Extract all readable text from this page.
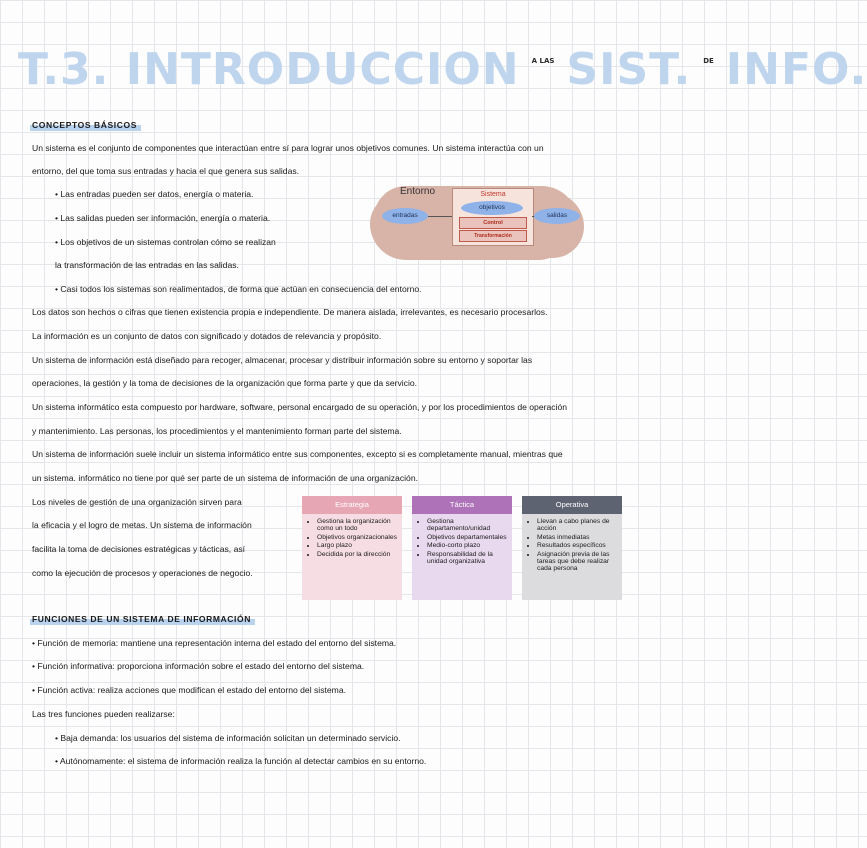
T.3. INTRODUCCION A LAS SIST. DE INFO.
CONCEPTOS BÁSICOS
Un sistema es el conjunto de componentes que interactúan entre sí para lograr unos objetivos comunes. Un sistema interactúa con un
entorno, del que toma sus entradas y hacia el que genera sus salidas.
• Las entradas pueden ser datos, energía o materia.
• Las salidas pueden ser información, energía o materia.
• Los objetivos de un sistemas controlan cómo se realizan
la transformación de las entradas en las salidas.
• Casi todos los sistemas son realimentados, de forma que actúan en consecuencia del entorno.
Entorno
entradas
Sistema
objetivos
Control
Transformación
salidas
Los datos son hechos o cifras que tienen existencia propia e independiente. De manera aislada, irrelevantes, es necesario procesarlos.
La información es un conjunto de datos con significado y dotados de relevancia y propósito.
Un sistema de información está diseñado para recoger, almacenar, procesar y distribuir información sobre su entorno y soportar las
operaciones, la gestión y la toma de decisiones de la organización que forma parte y que da servicio.
Un sistema informático esta compuesto por hardware, software, personal encargado de su operación, y por los procedimientos de operación
y mantenimiento. Las personas, los procedimientos y el mantenimiento forman parte del sistema.
Un sistema de información suele incluir un sistema informático entre sus componentes, excepto si es completamente manual, mientras que
un sistema. informático no tiene por qué ser parte de un sistema de información de una organización.
Los niveles de gestión de una organización sirven para
la eficacia y el logro de metas. Un sistema de información
facilita la toma de decisiones estratégicas y tácticas, así
como la ejecución de procesos y operaciones de negocio.
Estrategia
• Gestiona la organización como un todo
• Objetivos organizacionales
• Largo plazo
• Decidida por la dirección
Táctica
• Gestiona departamento/unidad
• Objetivos departamentales
• Medio-corto plazo
• Responsabilidad de la unidad organizativa
Operativa
• Llevan a cabo planes de acción
• Metas inmediatas
• Resultados específicos
• Asignación previa de las tareas que debe realizar cada persona
FUNCIONES DE UN SISTEMA DE INFORMACIÓN
• Función de memoria: mantiene una representación interna del estado del entorno del sistema.
• Función informativa: proporciona información sobre el estado del entorno del sistema.
• Función activa: realiza acciones que modifican el estado del entorno del sistema.
Las tres funciones pueden realizarse:
• Baja demanda: los usuarios del sistema de información solicitan un determinado servicio.
• Autónomamente: el sistema de información realiza la función al detectar cambios en su entorno.
